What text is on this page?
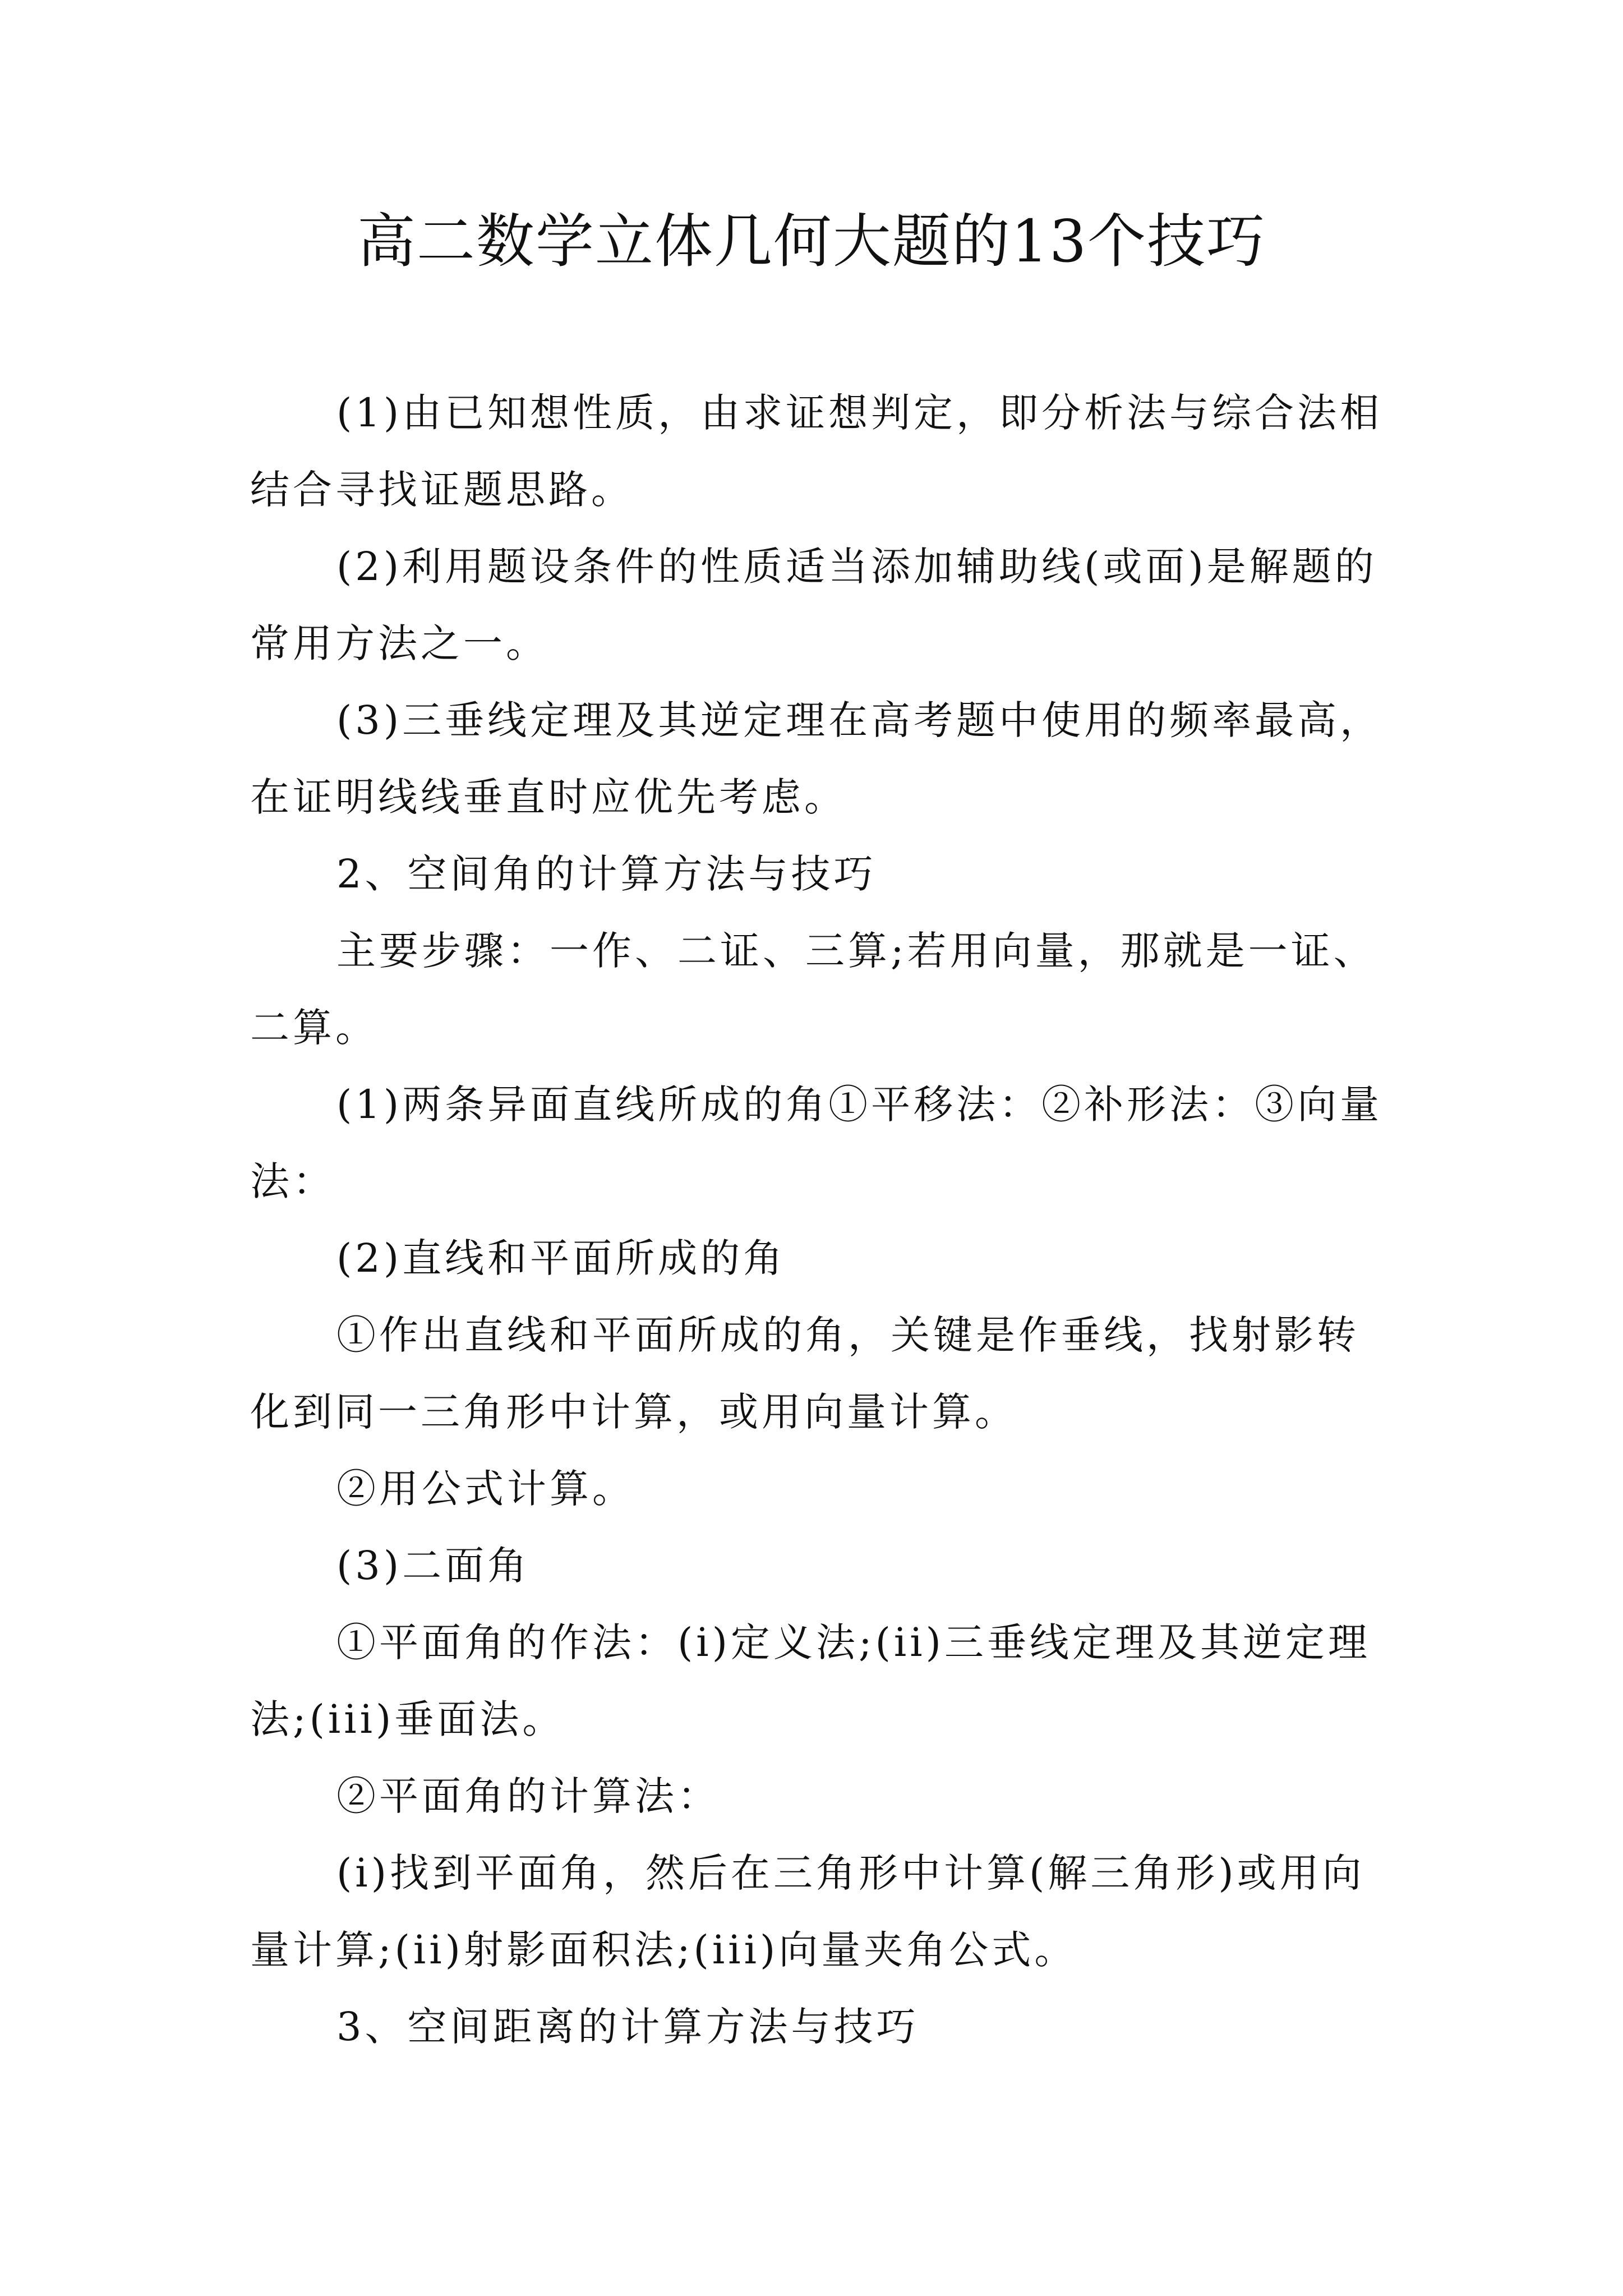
高二数学立体几何大题的13个技巧

(1)由已知想性质，由求证想判定，即分析法与综合法相结合寻找证题思路。

(2)利用题设条件的性质适当添加辅助线(或面)是解题的常用方法之一。

(3)三垂线定理及其逆定理在高考题中使用的频率最高，在证明线线垂直时应优先考虑。

2、空间角的计算方法与技巧

主要步骤：一作、二证、三算;若用向量，那就是一证、二算。

(1)两条异面直线所成的角①平移法：②补形法：③向量法：

(2)直线和平面所成的角

①作出直线和平面所成的角，关键是作垂线，找射影转化到同一三角形中计算，或用向量计算。

②用公式计算。

(3)二面角

①平面角的作法：(i)定义法;(ii)三垂线定理及其逆定理法;(iii)垂面法。

②平面角的计算法：

(i)找到平面角，然后在三角形中计算(解三角形)或用向量计算;(ii)射影面积法;(iii)向量夹角公式。

3、空间距离的计算方法与技巧
